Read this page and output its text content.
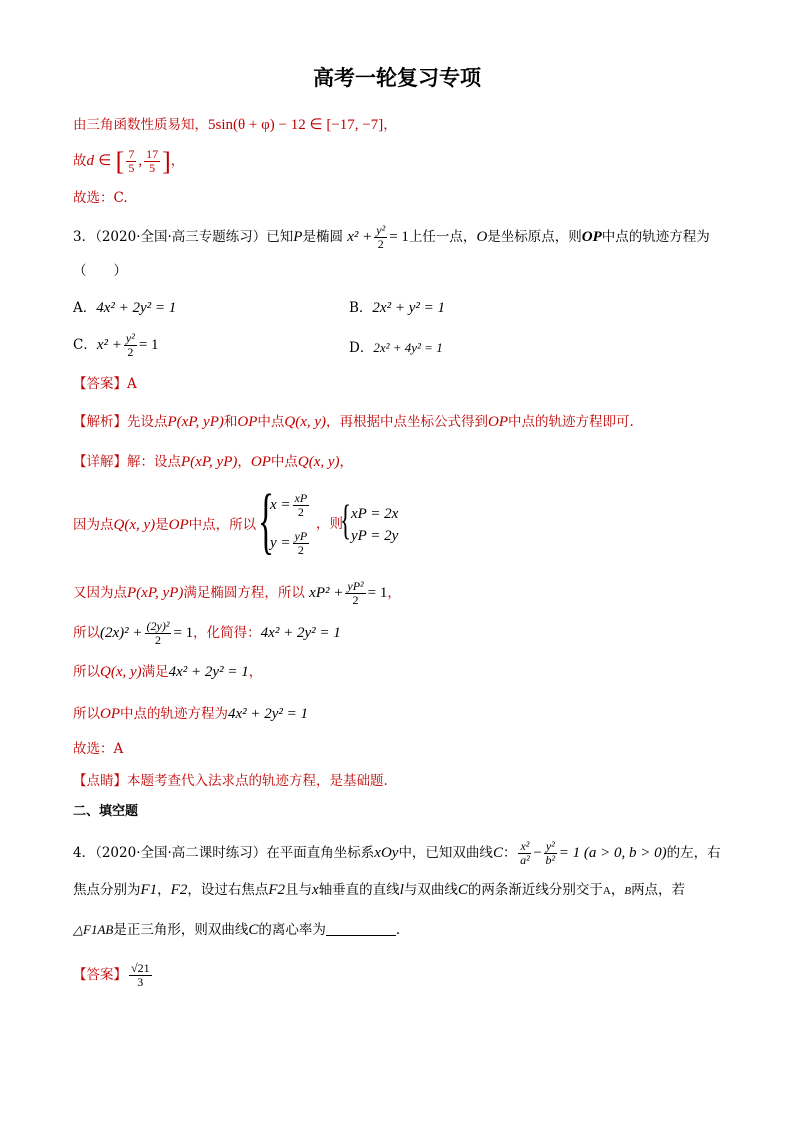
高考一轮复习专项
由三角函数性质易知，5sin(θ + φ) − 12 ∈ [−17, −7]，
故d ∈ [ $\frac{7}{5}$ , $\frac{17}{5}$ ]，
故选：C.
3．（2020·全国·高三专题练习）已知P是椭圆 $x^2 + \frac{\text{y²}}{2} = 1$上任一点，O是坐标原点，则OP中点的轨迹方程为
（　　）
A．4x² + 2y² = 1	B．2x² + y² = 1
C．$x^2 + \frac{\text{y²}}{2} = 1$	D．2x² + 4y² = 1
【答案】A
【解析】先设点P(xP, yP)和OP中点Q(x, y)，再根据中点坐标公式得到OP中点的轨迹方程即可.
【详解】解：设点P(xP, yP)，OP中点Q(x, y)，
因为点Q(x, y)是OP中点，所以 {
$x = \frac{xP}{2}$
$y = \frac{yP}{2}$
，则
{ xP = 2x
yP = 2y
又因为点P(xP, yP)满足椭圆方程，所以 $xP^2 + \frac{\text{yP²}}{2} = 1$，
所以$(2x)^2 + \frac{\text{(2y)²}}{2} = 1$，化简得：4x² + 2y² = 1
所以Q(x, y)满足4x² + 2y² = 1，
所以OP中点的轨迹方程为4x² + 2y² = 1
故选：A
【点睛】本题考查代入法求点的轨迹方程，是基础题.
二、填空题
4．（2020·全国·高二课时练习）在平面直角坐标系xOy中，已知双曲线C： $\frac{\text{x²}}{\text{a²}} - \frac{\text{y²}}{\text{b²}} = 1$ (a > 0, b > 0)的左，右
焦点分别为F1，F2，设过右焦点F2且与x轴垂直的直线l与双曲线C的两条渐近线分别交于A，B两点，若
△F1AB是正三角形，则双曲线C的离心率为	.
【答案】 $\frac{√21}{3}$
